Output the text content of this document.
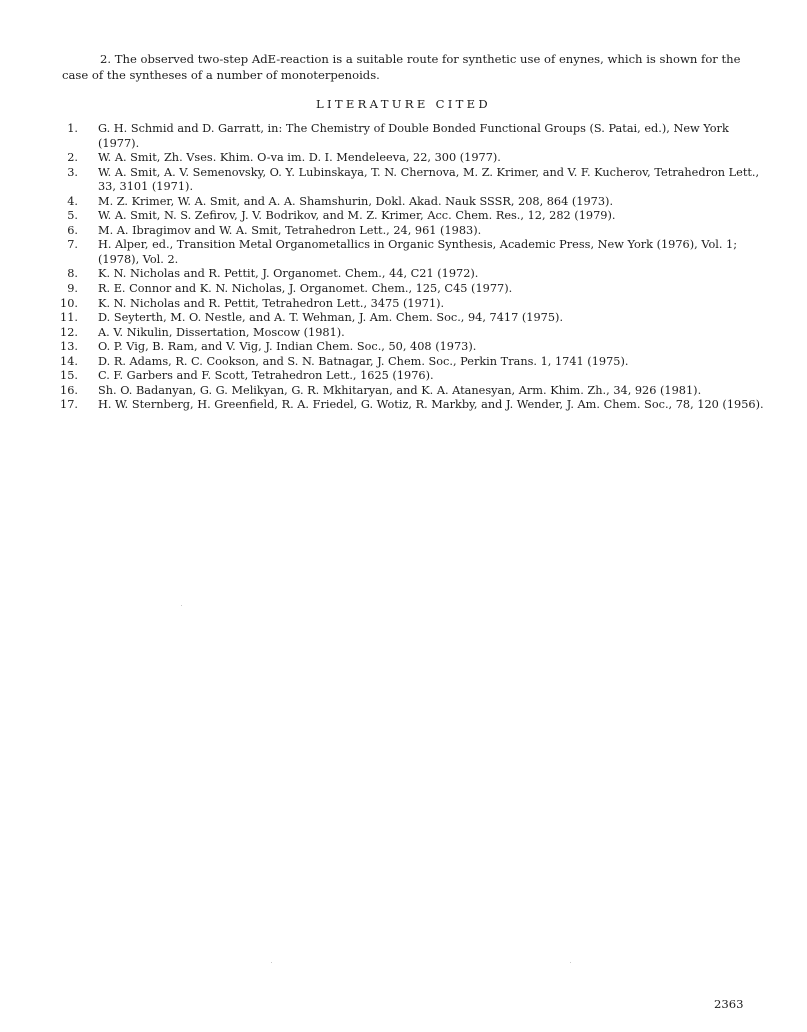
2. The observed two-step AdE-reaction is a suitable route for synthetic use of enynes, which is shown for the case of the syntheses of a number of monoterpenoids.

LITERATURE CITED
1. G. H. Schmid and D. Garratt, in: The Chemistry of Double Bonded Functional Groups (S. Patai, ed.), New York (1977).
2. W. A. Smit, Zh. Vses. Khim. O-va im. D. I. Mendeleeva, 22, 300 (1977).
3. W. A. Smit, A. V. Semenovsky, O. Y. Lubinskaya, T. N. Chernova, M. Z. Krimer, and V. F. Kucherov, Tetrahedron Lett., 33, 3101 (1971).
4. M. Z. Krimer, W. A. Smit, and A. A. Shamshurin, Dokl. Akad. Nauk SSSR, 208, 864 (1973).
5. W. A. Smit, N. S. Zefirov, J. V. Bodrikov, and M. Z. Krimer, Acc. Chem. Res., 12, 282 (1979).
6. M. A. Ibragimov and W. A. Smit, Tetrahedron Lett., 24, 961 (1983).
7. H. Alper, ed., Transition Metal Organometallics in Organic Synthesis, Academic Press, New York (1976), Vol. 1; (1978), Vol. 2.
8. K. N. Nicholas and R. Pettit, J. Organomet. Chem., 44, C21 (1972).
9. R. E. Connor and K. N. Nicholas, J. Organomet. Chem., 125, C45 (1977).
10. K. N. Nicholas and R. Pettit, Tetrahedron Lett., 3475 (1971).
11. D. Seyterth, M. O. Nestle, and A. T. Wehman, J. Am. Chem. Soc., 94, 7417 (1975).
12. A. V. Nikulin, Dissertation, Moscow (1981).
13. O. P. Vig, B. Ram, and V. Vig, J. Indian Chem. Soc., 50, 408 (1973).
14. D. R. Adams, R. C. Cookson, and S. N. Batnagar, J. Chem. Soc., Perkin Trans. 1, 1741 (1975).
15. C. F. Garbers and F. Scott, Tetrahedron Lett., 1625 (1976).
16. Sh. O. Badanyan, G. G. Melikyan, G. R. Mkhitaryan, and K. A. Atanesyan, Arm. Khim. Zh., 34, 926 (1981).
17. H. W. Sternberg, H. Greenfield, R. A. Friedel, G. Wotiz, R. Markby, and J. Wender, J. Am. Chem. Soc., 78, 120 (1956).
2363
